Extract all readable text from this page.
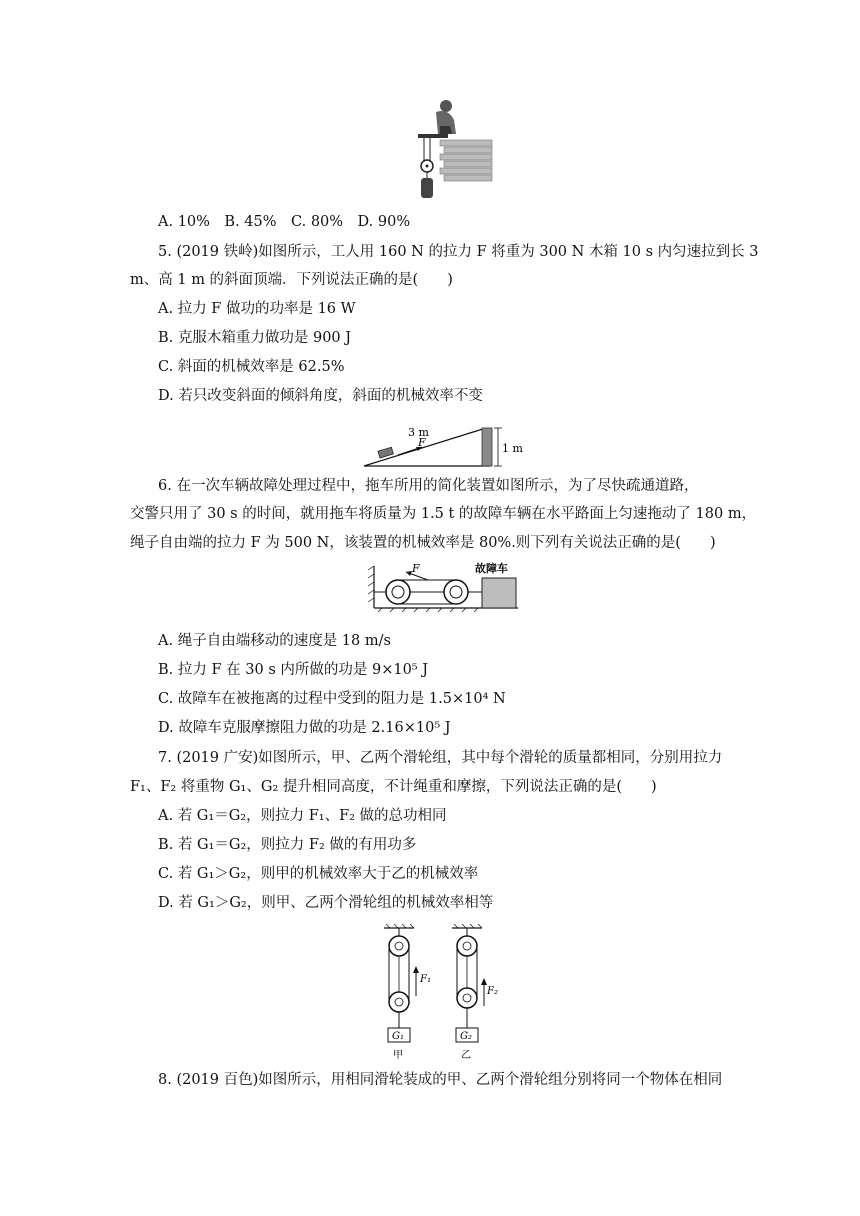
A. 10%　B. 45%　C. 80%　D. 90%
5. (2019 铁岭)如图所示，工人用 160 N 的拉力 F 将重为 300 N 木箱 10 s 内匀速拉到长 3
m、高 1 m 的斜面顶端．下列说法正确的是(　　)
A. 拉力 F 做功的功率是 16 W
B. 克服木箱重力做功是 900 J
C. 斜面的机械效率是 62.5%
D. 若只改变斜面的倾斜角度，斜面的机械效率不变
F
3 m
1 m
6. 在一次车辆故障处理过程中，拖车所用的简化装置如图所示，为了尽快疏通道路，
交警只用了 30 s 的时间，就用拖车将质量为 1.5 t 的故障车辆在水平路面上匀速拖动了 180 m，
绳子自由端的拉力 F 为 500 N，该装置的机械效率是 80%.则下列有关说法正确的是(　　)
F	故障车
A. 绳子自由端移动的速度是 18 m/s
B. 拉力 F 在 30 s 内所做的功是 9×10⁵ J
C. 故障车在被拖离的过程中受到的阻力是 1.5×10⁴ N
D. 故障车克服摩擦阻力做的功是 2.16×10⁵ J
7. (2019 广安)如图所示，甲、乙两个滑轮组，其中每个滑轮的质量都相同，分别用拉力
F₁、F₂ 将重物 G₁、G₂ 提升相同高度，不计绳重和摩擦，下列说法正确的是(　　)
A. 若 G₁＝G₂，则拉力 F₁、F₂ 做的总功相同
B. 若 G₁＝G₂，则拉力 F₂ 做的有用功多
C. 若 G₁＞G₂，则甲的机械效率大于乙的机械效率
D. 若 G₁＞G₂，则甲、乙两个滑轮组的机械效率相等
F₁
G₁
甲
F₂
G₂
乙
8. (2019 百色)如图所示，用相同滑轮装成的甲、乙两个滑轮组分别将同一个物体在相同
